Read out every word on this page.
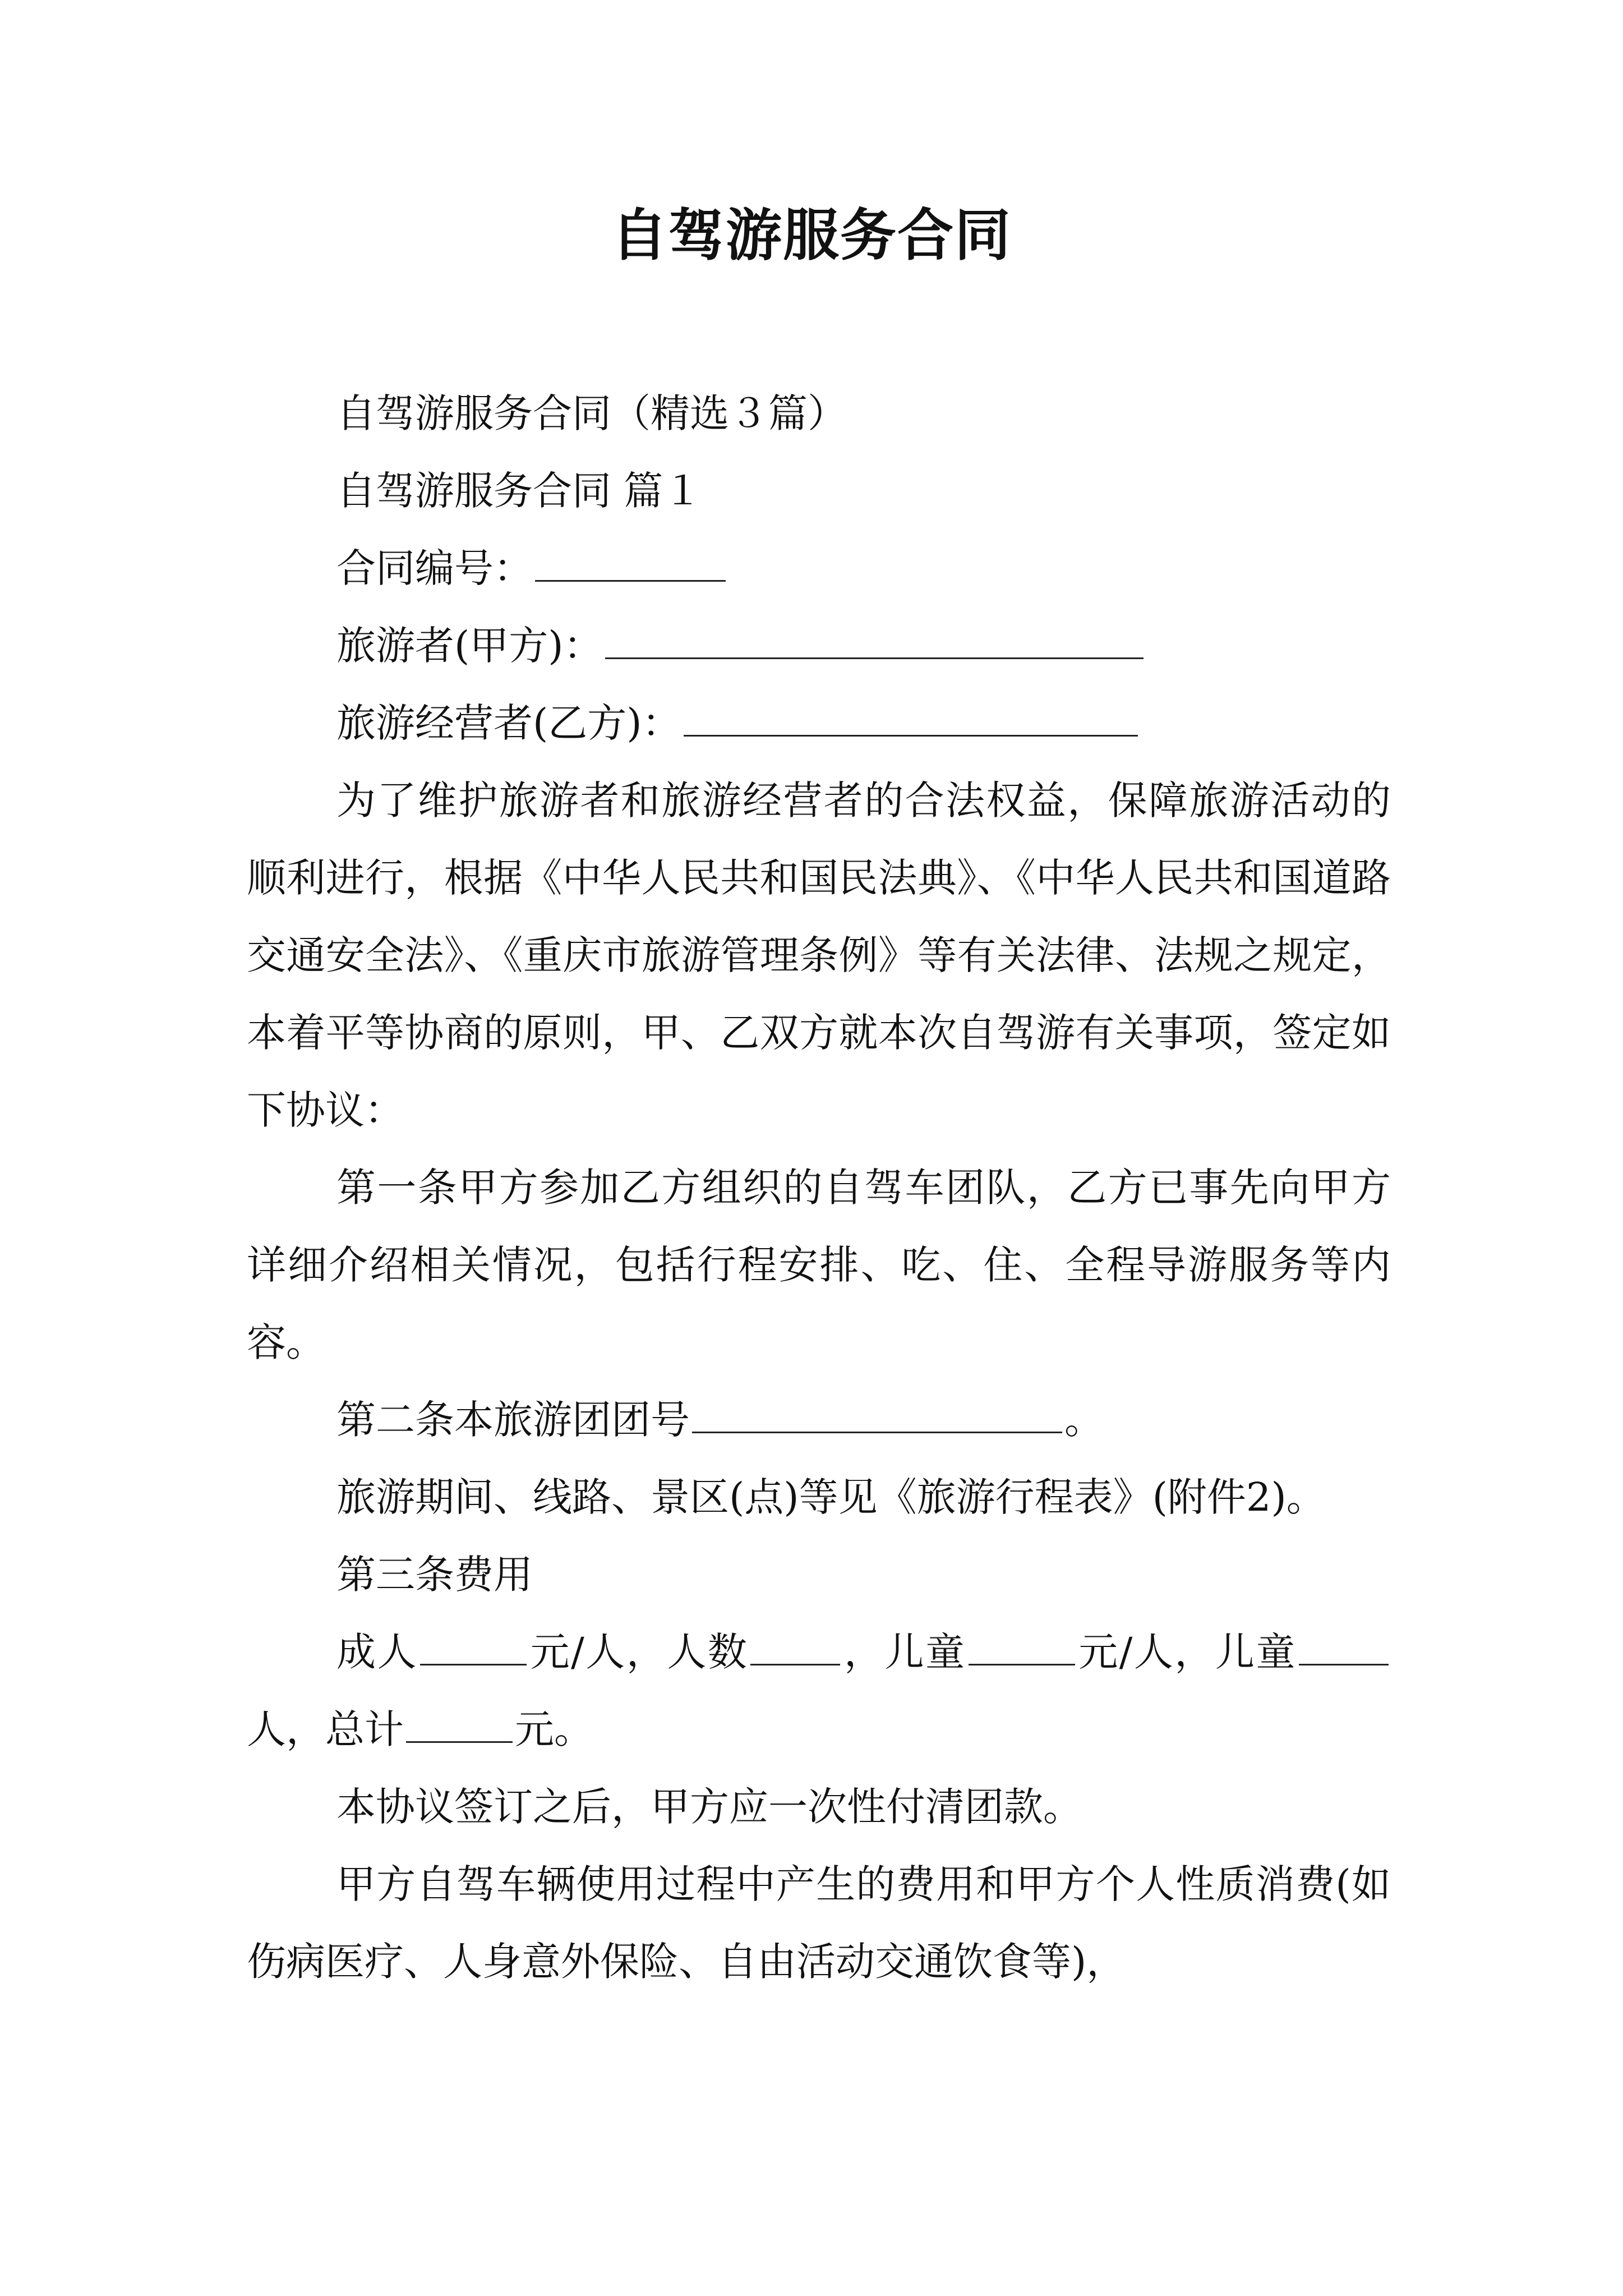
自驾游服务合同

自驾游服务合同（精选３篇）

自驾游服务合同 篇１

合同编号：

旅游者(甲方)：

旅游经营者(乙方)：

为了维护旅游者和旅游经营者的合法权益，保障旅游活动的顺利进行，根据《中华人民共和国民法典》、《中华人民共和国道路交通安全法》、《重庆市旅游管理条例》等有关法律、法规之规定，本着平等协商的原则，甲、乙双方就本次自驾游有关事项，签定如下协议：

第一条甲方参加乙方组织的自驾车团队，乙方已事先向甲方详细介绍相关情况，包括行程安排、吃、住、全程导游服务等内容。

第二条本旅游团团号	。

旅游期间、线路、景区(点)等见《旅游行程表》(附件2)。

第三条费用

成人	元/人，人数 ，儿童	元/人，儿童人，总计	元。

本协议签订之后，甲方应一次性付清团款。

甲方自驾车辆使用过程中产生的费用和甲方个人性质消费(如伤病医疗、人身意外保险、自由活动交通饮食等)，
